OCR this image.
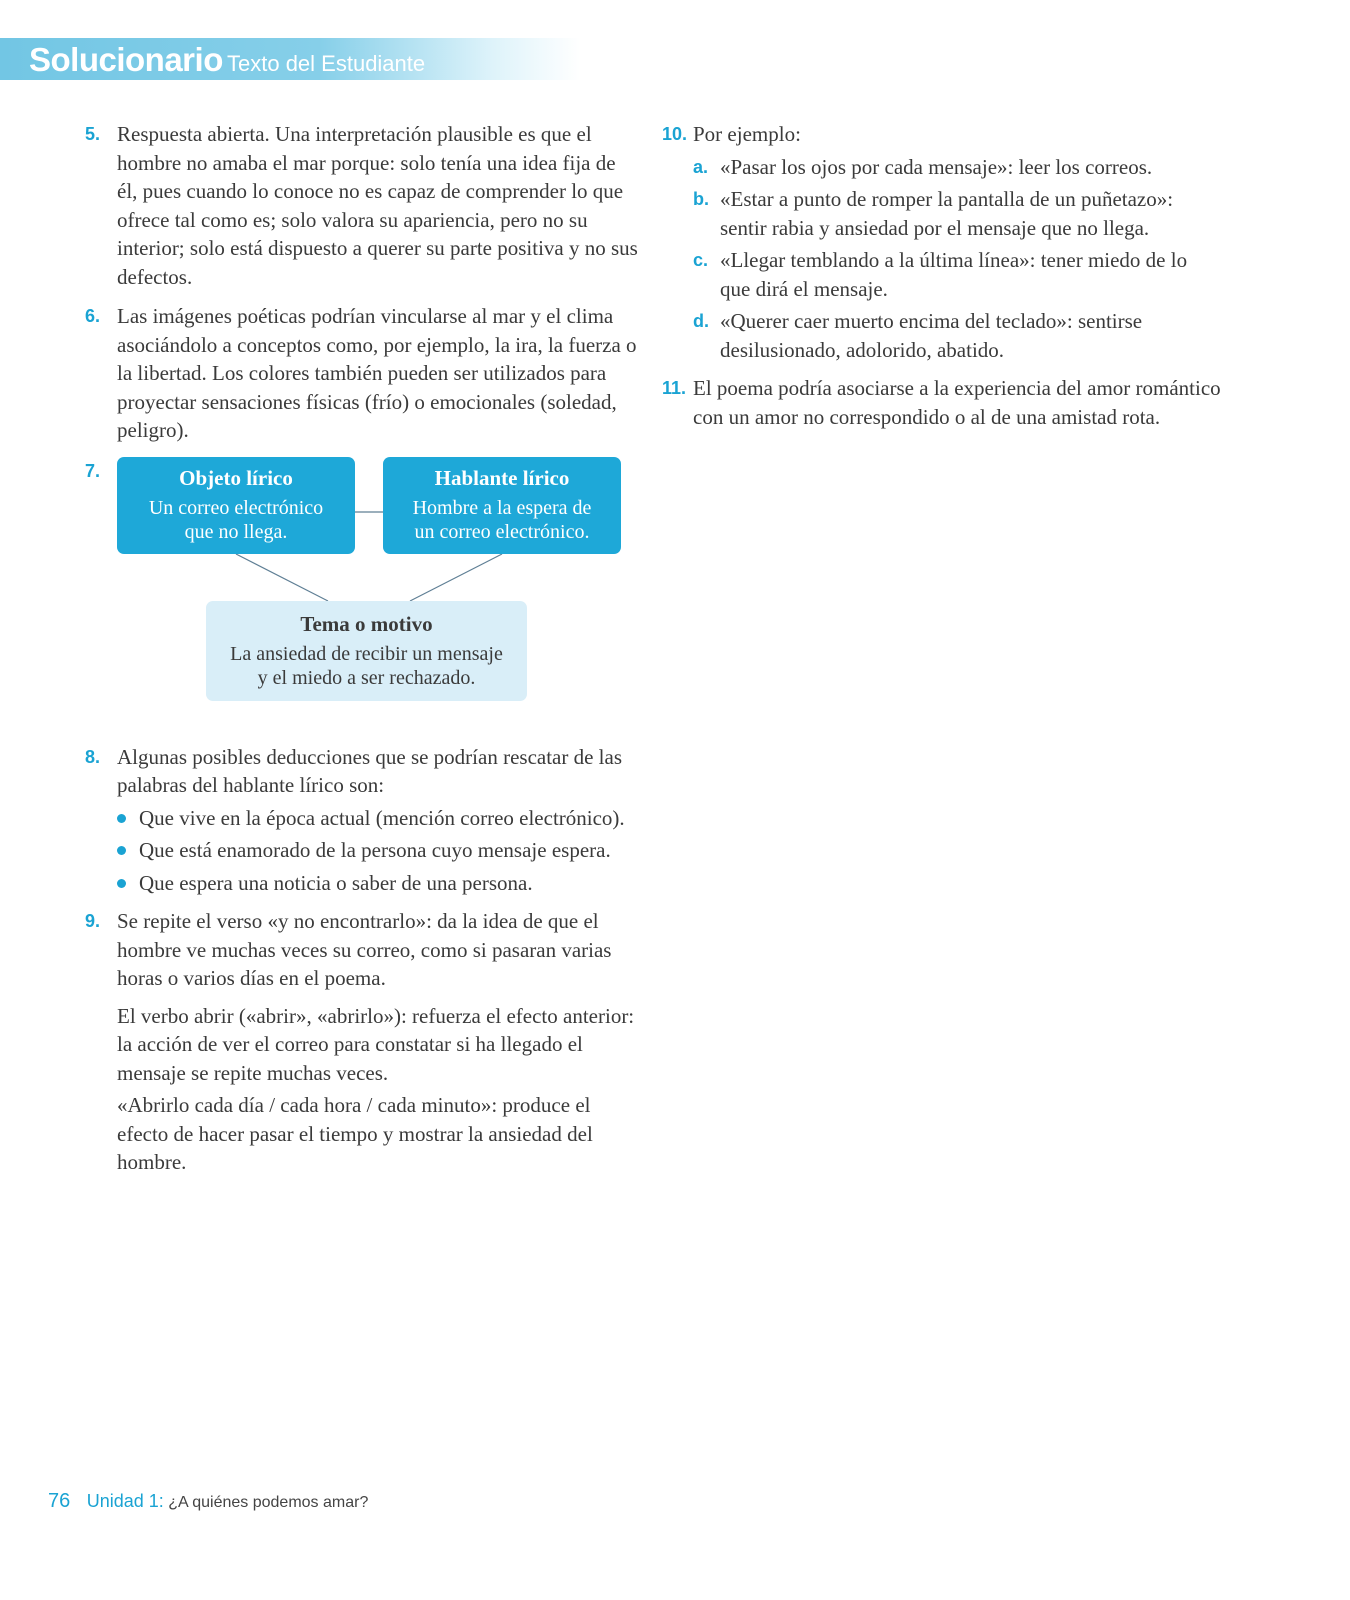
Solucionario Texto del Estudiante
5. Respuesta abierta. Una interpretación plausible es que el hombre no amaba el mar porque: solo tenía una idea fija de él, pues cuando lo conoce no es capaz de comprender lo que ofrece tal como es; solo valora su apariencia, pero no su interior; solo está dispuesto a querer su parte positiva y no sus defectos.
6. Las imágenes poéticas podrían vincularse al mar y el clima asociándolo a conceptos como, por ejemplo, la ira, la fuerza o la libertad. Los colores también pueden ser utilizados para proyectar sensaciones físicas (frío) o emocionales (soledad, peligro).
7.
8. Algunas posibles deducciones que se podrían rescatar de las palabras del hablante lírico son:
Que vive en la época actual (mención correo electrónico).
Que está enamorado de la persona cuyo mensaje espera.
Que espera una noticia o saber de una persona.
9. Se repite el verso «y no encontrarlo»: da la idea de que el hombre ve muchas veces su correo, como si pasaran varias horas o varios días en el poema.
El verbo abrir («abrir», «abrirlo»): refuerza el efecto anterior: la acción de ver el correo para constatar si ha llegado el mensaje se repite muchas veces.
«Abrirlo cada día / cada hora / cada minuto»: produce el efecto de hacer pasar el tiempo y mostrar la ansiedad del hombre.
Objeto lírico
Un correo electrónico
que no llega.
Hablante lírico
Hombre a la espera de
un correo electrónico.
Tema o motivo
La ansiedad de recibir un mensaje
y el miedo a ser rechazado.
10. Por ejemplo:
a. «Pasar los ojos por cada mensaje»: leer los correos.
b. «Estar a punto de romper la pantalla de un puñetazo»: sentir rabia y ansiedad por el mensaje que no llega.
c. «Llegar temblando a la última línea»: tener miedo de lo que dirá el mensaje.
d. «Querer caer muerto encima del teclado»: sentirse desilusionado, adolorido, abatido.
11. El poema podría asociarse a la experiencia del amor romántico con un amor no correspondido o al de una amistad rota.
76 Unidad 1: ¿A quiénes podemos amar?
